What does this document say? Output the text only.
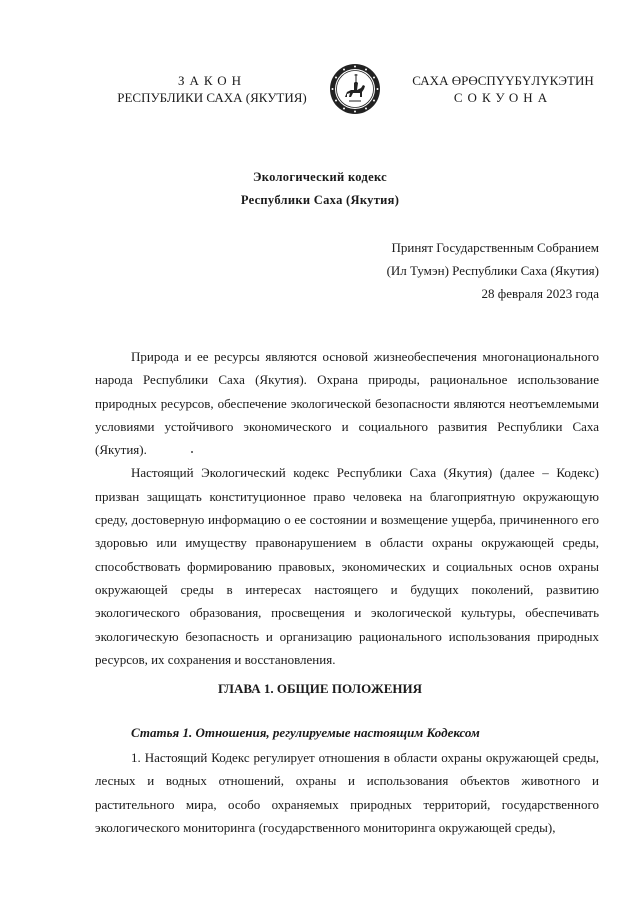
ЗАКОН
РЕСПУБЛИКИ САХА (ЯКУТИЯ)
САХА ӨРӨСПҮҮБҮЛҮКЭТИН
СОКУОНА
Экологический кодекс
Республики Саха (Якутия)
Принят Государственным Собранием
(Ил Тумэн) Республики Саха (Якутия)
28 февраля 2023 года

Природа и ее ресурсы являются основой жизнеобеспечения многонационального народа Республики Саха (Якутия). Охрана природы, рациональное использование природных ресурсов, обеспечение экологической безопасности являются неотъемлемыми условиями устойчивого экономического и социального развития Республики Саха (Якутия).

Настоящий Экологический кодекс Республики Саха (Якутия) (далее – Кодекс) призван защищать конституционное право человека на благоприятную окружающую среду, достоверную информацию о ее состоянии и возмещение ущерба, причиненного его здоровью или имуществу правонарушением в области охраны окружающей среды, способствовать формированию правовых, экономических и социальных основ охраны окружающей среды в интересах настоящего и будущих поколений, развитию экологического образования, просвещения и экологической культуры, обеспечивать экологическую безопасность и организацию рационального использования природных ресурсов, их сохранения и восстановления.

ГЛАВА 1. ОБЩИЕ ПОЛОЖЕНИЯ
Статья 1. Отношения, регулируемые настоящим Кодексом

1. Настоящий Кодекс регулирует отношения в области охраны окружающей среды, лесных и водных отношений, охраны и использования объектов животного и растительного мира, особо охраняемых природных территорий, государственного экологического мониторинга (государственного мониторинга окружающей среды),
